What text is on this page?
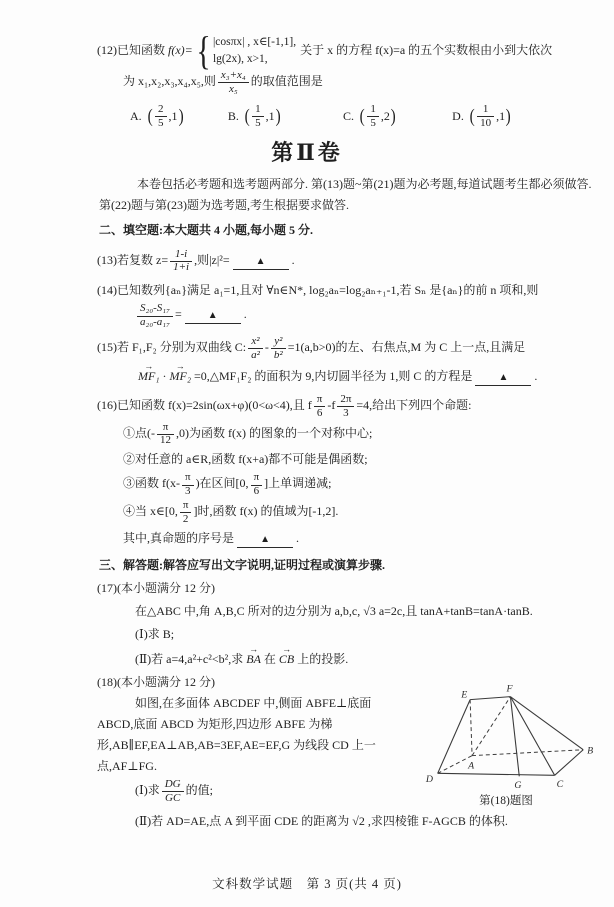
(12)已知函数 f(x)= { |cosπx| , x∈[-1,1],
lg(2x), x>1,
关于 x 的方程 f(x)=a 的五个实数根由小到大依次
为 x₁,x₂,x₃,x₄,x₅,则 $\frac{\text{x₃+x₄}}{\text{x₅}}$ 的取值范围是
A. ( $\frac{2}{5} ,1$ )	B. ( $\frac{1}{5} ,1$ )	C. ( $\frac{1}{5} ,2$ )	D. ( $\frac{1}{10} ,1$ )
第Ⅱ卷
本卷包括必考题和选考题两部分. 第(13)题~第(21)题为必考题,每道试题考生都必须做答. 第(22)题与第(23)题为选考题,考生根据要求做答.
二、填空题:本大题共 4 小题,每小题 5 分.
(13)若复数 $z= \frac{1-i}{1+i}$ ,则|z|²=	▲ .
(14)已知数列{aₙ}满足 a₁=1,且对 ∀n∈N*, log₂aₙ=log₂aₙ₊₁-1,若 Sₙ 是{aₙ}的前 n 项和,则
$\frac{\text{S₂₀-S₁₇}}{\text{a₂₀-a₁₇}}$ =	▲ .
(15)若 F₁,F₂ 分别为双曲线 C: $\frac{\text{x²}}{\text{a²}} - \frac{\text{y²}}{\text{b²}} =1(a,b>0)$的左、右焦点,M 为 C 上一点,且满足
MF₁ → · MF₂ → =0,△MF₁F₂ 的面积为 9,内切圆半径为 1,则 C 的方程是	▲ .
(16)已知函数 f(x)=2sin(ωx+φ)(0<ω<4),且 f $\frac{\pi}{6} -f \frac{2\pi}{3} =4$,给出下列四个命题:
①点(- $\frac{\pi}{12} ,0$)为函数 f(x) 的图象的一个对称中心;
②对任意的 a∈R,函数 f(x+a)都不可能是偶函数;
③函数 $f(x- \frac{\pi}{3}$ )在区间[0, $\frac{\pi}{6}$ ]上单调递减;
④当 x∈[0, $\frac{\pi}{2}$ ]时,函数 f(x) 的值域为[-1,2].
其中,真命题的序号是	▲ .
三、解答题:解答应写出文字说明,证明过程或演算步骤.
(17)(本小题满分 12 分)
在△ABC 中,角 A,B,C 所对的边分别为 a,b,c, √3 a=2c,且 tanA+tanB=tanA·tanB.
(Ⅰ)求 B;
(Ⅱ)若 a=4,a²+c²<b²,求 BA → 在 CB → 上的投影.
(18)(本小题满分 12 分)
E
F
B
C
G
D
A
第(18)题图
如图,在多面体 ABCDEF 中,侧面 ABFE⊥底面 ABCD,底面 ABCD 为矩形,四边形 ABFE 为梯形,AB∥EF,EA⊥AB,AB=3EF,AE=EF,G 为线段 CD 上一点,AF⊥FG.
(Ⅰ)求 $\frac{DG}{GC}$ 的值;
(Ⅱ)若 AD=AE,点 A 到平面 CDE 的距离为 √2 ,求四棱锥 F-AGCB 的体积.
文科数学试题　第 3 页(共 4 页)
